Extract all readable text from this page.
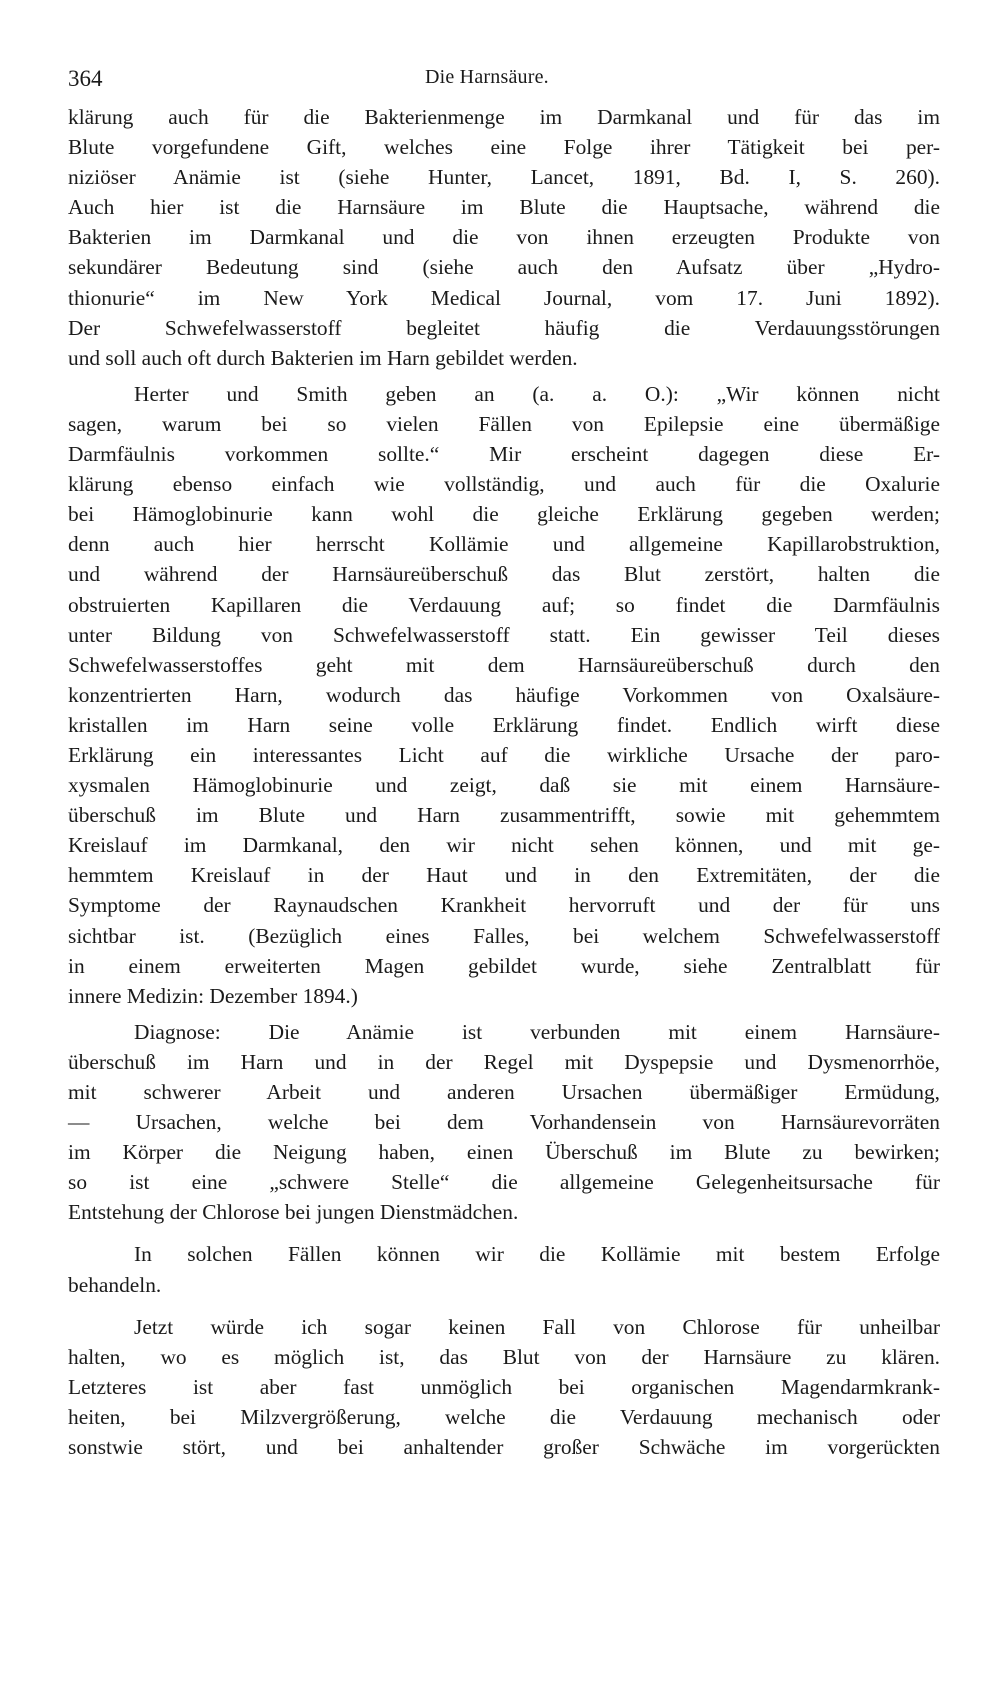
364	Die Harnsäure.
klärung auch für die Bakterienmenge im Darmkanal und für das im
Blute vorgefundene Gift, welches eine Folge ihrer Tätigkeit bei per-
niziöser Anämie ist (siehe Hunter, Lancet, 1891, Bd. I, S. 260).
Auch hier ist die Harnsäure im Blute die Hauptsache, während die
Bakterien im Darmkanal und die von ihnen erzeugten Produkte von
sekundärer Bedeutung sind (siehe auch den Aufsatz über „Hydro-
thionurie“ im New York Medical Journal, vom 17. Juni 1892).
Der Schwefelwasserstoff begleitet häufig die Verdauungsstörungen
und soll auch oft durch Bakterien im Harn gebildet werden.
Herter und Smith geben an (a. a. O.): „Wir können nicht
sagen, warum bei so vielen Fällen von Epilepsie eine übermäßige
Darmfäulnis vorkommen sollte.“ Mir erscheint dagegen diese Er-
klärung ebenso einfach wie vollständig, und auch für die Oxalurie
bei Hämoglobinurie kann wohl die gleiche Erklärung gegeben werden;
denn auch hier herrscht Kollämie und allgemeine Kapillarobstruktion,
und während der Harnsäureüberschuß das Blut zerstört, halten die
obstruierten Kapillaren die Verdauung auf; so findet die Darmfäulnis
unter Bildung von Schwefelwasserstoff statt. Ein gewisser Teil dieses
Schwefelwasserstoffes geht mit dem Harnsäureüberschuß durch den
konzentrierten Harn, wodurch das häufige Vorkommen von Oxalsäure-
kristallen im Harn seine volle Erklärung findet. Endlich wirft diese
Erklärung ein interessantes Licht auf die wirkliche Ursache der paro-
xysmalen Hämoglobinurie und zeigt, daß sie mit einem Harnsäure-
überschuß im Blute und Harn zusammentrifft, sowie mit gehemmtem
Kreislauf im Darmkanal, den wir nicht sehen können, und mit ge-
hemmtem Kreislauf in der Haut und in den Extremitäten, der die
Symptome der Raynaudschen Krankheit hervorruft und der für uns
sichtbar ist. (Bezüglich eines Falles, bei welchem Schwefelwasserstoff
in einem erweiterten Magen gebildet wurde, siehe Zentralblatt für
innere Medizin: Dezember 1894.)
Diagnose: Die Anämie ist verbunden mit einem Harnsäure-
überschuß im Harn und in der Regel mit Dyspepsie und Dysmenorrhöe,
mit schwerer Arbeit und anderen Ursachen übermäßiger Ermüdung,
— Ursachen, welche bei dem Vorhandensein von Harnsäurevorräten
im Körper die Neigung haben, einen Überschuß im Blute zu bewirken;
so ist eine „schwere Stelle“ die allgemeine Gelegenheitsursache für
Entstehung der Chlorose bei jungen Dienstmädchen.
In solchen Fällen können wir die Kollämie mit bestem Erfolge
behandeln.
Jetzt würde ich sogar keinen Fall von Chlorose für unheilbar
halten, wo es möglich ist, das Blut von der Harnsäure zu klären.
Letzteres ist aber fast unmöglich bei organischen Magendarmkrank-
heiten, bei Milzvergrößerung, welche die Verdauung mechanisch oder
sonstwie stört, und bei anhaltender großer Schwäche im vorgerückten
